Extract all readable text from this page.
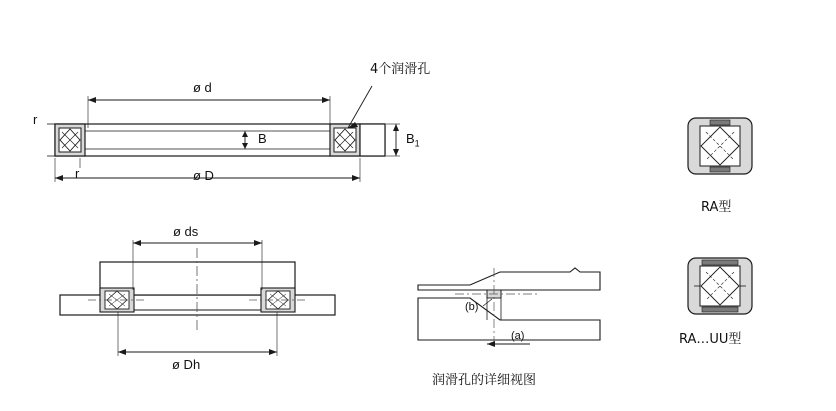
4个润滑孔
ø d
ø D
B	$B_1$
r
r
ø ds
ø Dh
(b)
(a)
润滑孔的详细视图
RA型
RA…UU型
